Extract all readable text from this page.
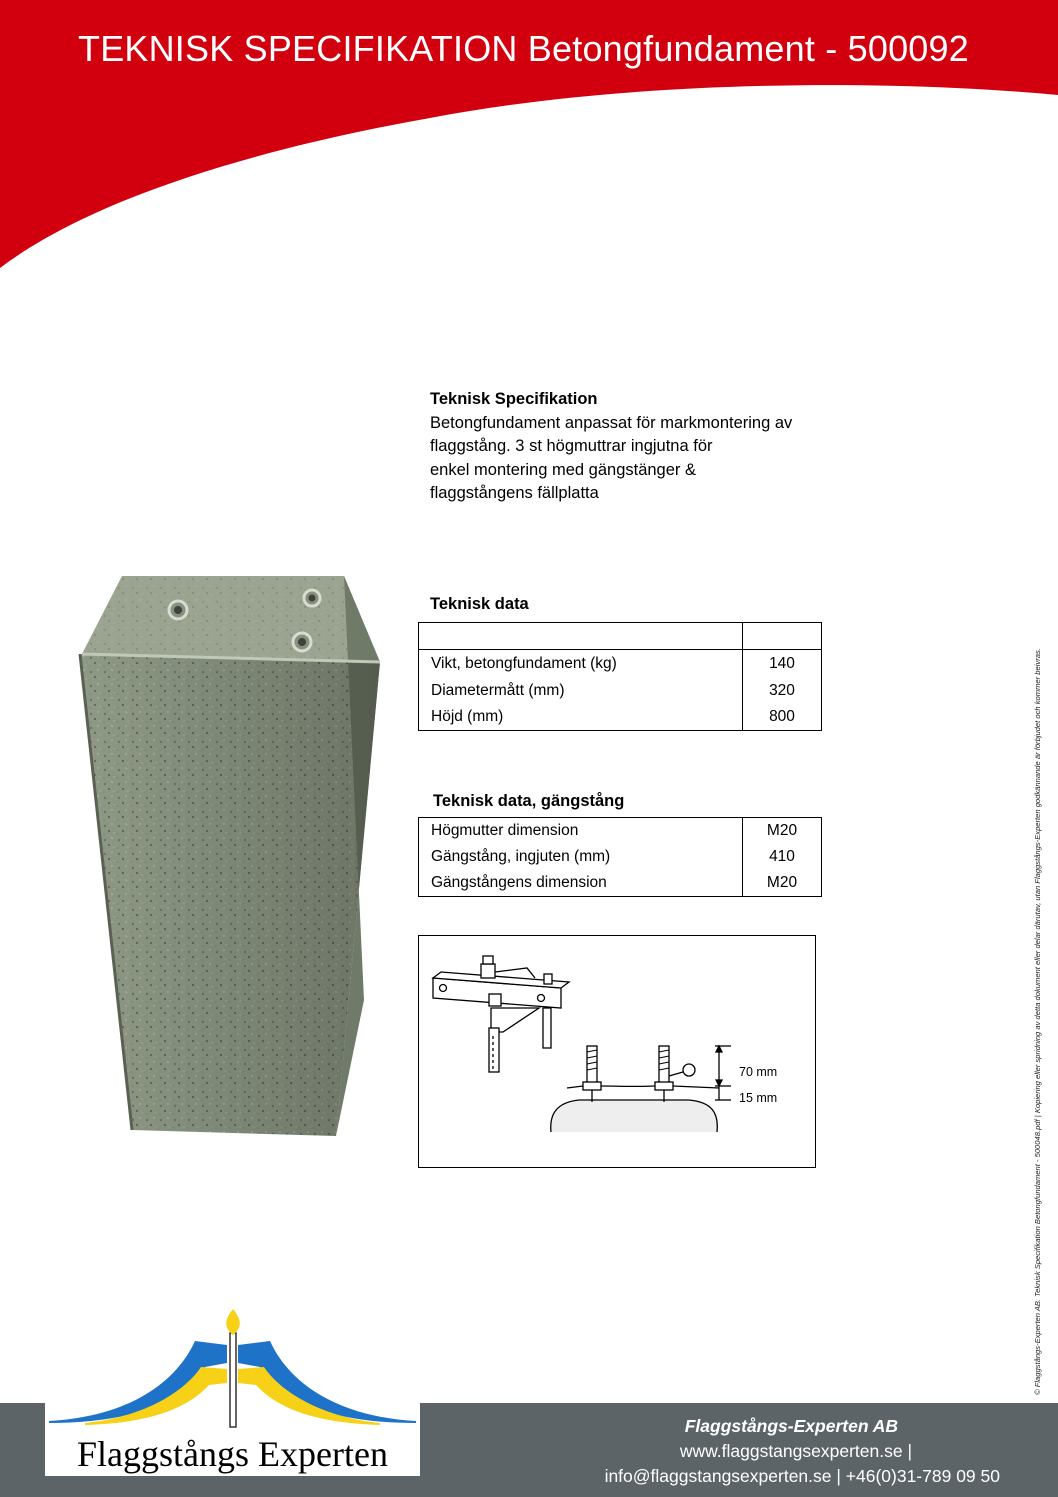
TEKNISK SPECIFIKATION Betongfundament - 500092
Teknisk Specifikation
Betongfundament anpassat för markmontering av
flaggstång. 3 st högmuttrar ingjutna för
enkel montering med gängstänger &
flaggstångens fällplatta
Teknisk data

Vikt, betongfundament (kg)	140
Diametermått (mm)	320
Höjd (mm)	800
Teknisk data, gängstång
Högmutter dimension	M20
Gängstång, ingjuten (mm)	410
Gängstångens dimension	M20
70 mm
15 mm	© Flaggstångs-Experten AB. Teknisk Specifikation Betongfundament - 500048.pdf | Kopiering eller spridning av detta dokument eller delar därutav, utan Flaggstångs-Experten godkännande är förbjudet och kommer beivras.
Flaggstångs Experten
Flaggstångs-Experten AB
www.flaggstangsexperten.se |
info@flaggstangsexperten.se | +46(0)31-789 09 50
